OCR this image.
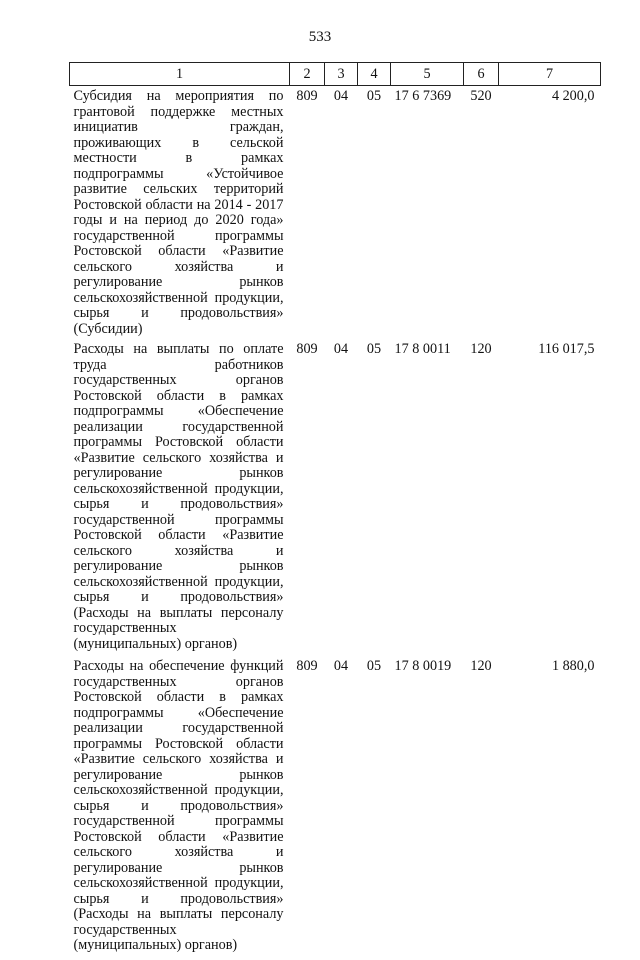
533
1	2	3	4	5	6	7
Субсидия на мероприятия по грантовой поддержке местных инициатив граждан, проживающих в сельской местности в рамках подпрограммы «Устойчивое развитие сельских территорий Ростовской области на 2014 - 2017 годы и на период до 2020 года» государственной программы Ростовской области «Развитие сельского хозяйства и регулирование рынков сельскохозяйственной продукции, сырья и продовольствия» (Субсидии)	809	04	05	17 6 7369	520	4 200,0
Расходы на выплаты по оплате труда работников государственных органов Ростовской области в рамках подпрограммы «Обеспечение реализации государственной программы Ростовской области «Развитие сельского хозяйства и регулирование рынков сельскохозяйственной продукции, сырья и продовольствия» государственной программы Ростовской области «Развитие сельского хозяйства и регулирование рынков сельскохозяйственной продукции, сырья и продовольствия» (Расходы на выплаты персоналу государственных (муниципальных) органов)	809	04	05	17 8 0011	120	116 017,5
Расходы на обеспечение функций государственных органов Ростовской области в рамках подпрограммы «Обеспечение реализации государственной программы Ростовской области «Развитие сельского хозяйства и регулирование рынков сельскохозяйственной продукции, сырья и продовольствия» государственной программы Ростовской области «Развитие сельского хозяйства и регулирование рынков сельскохозяйственной продукции, сырья и продовольствия» (Расходы на выплаты персоналу государственных (муниципальных) органов)	809	04	05	17 8 0019	120	1 880,0
